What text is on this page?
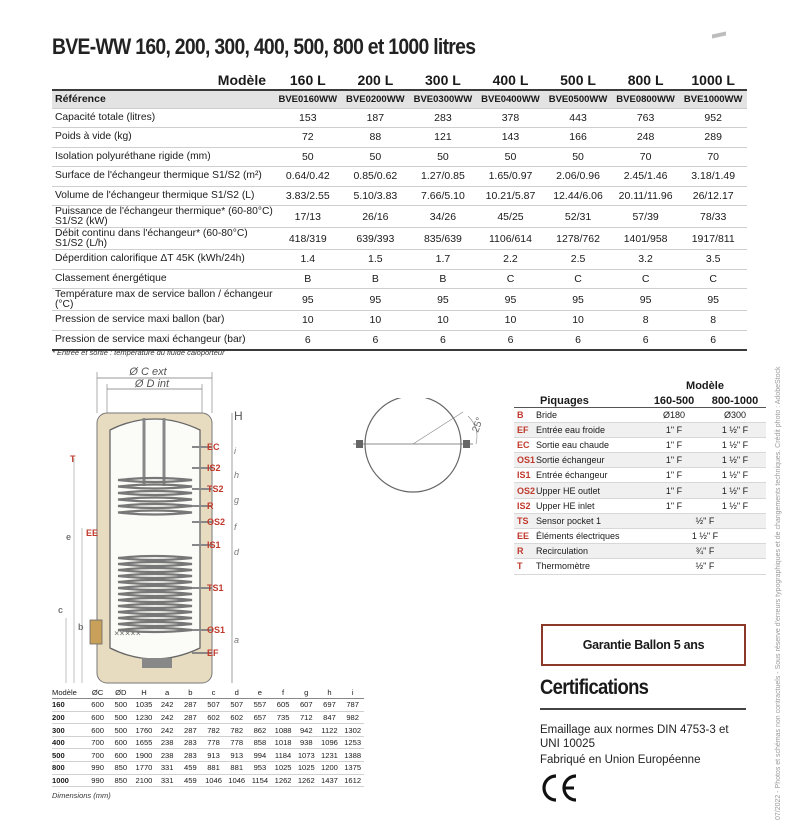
BVE-WW 160, 200, 300, 400, 500, 800 et 1000 litres
Modèle	160 L	200 L	300 L	400 L	500 L	800 L	1000 L
Référence	BVE0160WW	BVE0200WW	BVE0300WW	BVE0400WW	BVE0500WW	BVE0800WW	BVE1000WW
Capacité totale (litres)	153	187	283	378	443	763	952
Poids à vide (kg)	72	88	121	143	166	248	289
Isolation polyuréthane rigide (mm)	50	50	50	50	50	70	70
Surface de l'échangeur thermique S1/S2 (m²)	0.64/0.42	0.85/0.62	1.27/0.85	1.65/0.97	2.06/0.96	2.45/1.46	3.18/1.49
Volume de l'échangeur thermique S1/S2 (L)	3.83/2.55	5.10/3.83	7.66/5.10	10.21/5.87	12.44/6.06	20.11/11.96	26/12.17
Puissance de l'échangeur thermique* (60-80°C) S1/S2 (kW)	17/13	26/16	34/26	45/25	52/31	57/39	78/33
Débit continu dans l'échangeur* (60-80°C) S1/S2 (L/h)	418/319	639/393	835/639	1106/614	1278/762	1401/958	1917/811
Déperdition calorifique ΔT 45K (kWh/24h)	1.4	1.5	1.7	2.2	2.5	3.2	3.5
Classement énergétique	B	B	B	C	C	C	C
Température max de service ballon / échangeur (°C)	95	95	95	95	95	95	95
Pression de service maxi ballon (bar)	10	10	10	10	10	8	8
Pression de service maxi échangeur (bar)	6	6	6	6	6	6	6
* Entrée et sortie : température du fluide caloporteur
Ø C ext
Ø D int
×××××
H
T
EE
e
c
b
EC
IS2
TS2
R
OS2
IS1
TS1
OS1
EF
i
h
g
f
d
a
25°
Modèle	ØC	ØD	H	a	b	c	d	e	f	g	h	i
160	600	500	1035	242	287	507	507	557	605	607	697	787
200	600	500	1230	242	287	602	602	657	735	712	847	982
300	600	500	1760	242	287	782	782	862	1088	942	1122	1302
400	700	600	1655	238	283	778	778	858	1018	938	1096	1253
500	700	600	1900	238	283	913	913	994	1184	1073	1231	1388
800	990	850	1770	331	459	881	881	953	1025	1025	1200	1375
1000	990	850	2100	331	459	1046	1046	1154	1262	1262	1437	1612
Dimensions (mm)
		Modèle	
Piquages		160-500	800-1000
B	Bride	Ø180	Ø300
EF	Entrée eau froide	1" F	1 ½" F
EC	Sortie eau chaude	1" F	1 ½" F
OS1	Sortie échangeur	1" F	1 ½" F
IS1	Entrée échangeur	1" F	1 ½" F
OS2	Upper HE outlet	1" F	1 ½" F
IS2	Upper HE inlet	1" F	1 ½" F
TS	Sensor pocket 1	½" F	
EE	Éléments électriques	1 ½" F	
R	Recirculation	¾" F	
T	Thermomètre	½" F	
Garantie Ballon 5 ans
Certifications
Emaillage aux normes DIN 4753-3 et
UNI 10025
Fabriqué en Union Européenne	07/2022 - Photos et schémas non contractuels - Sous réserve d'erreurs typographiques et de changements techniques. Crédit photo : AdobeStock
